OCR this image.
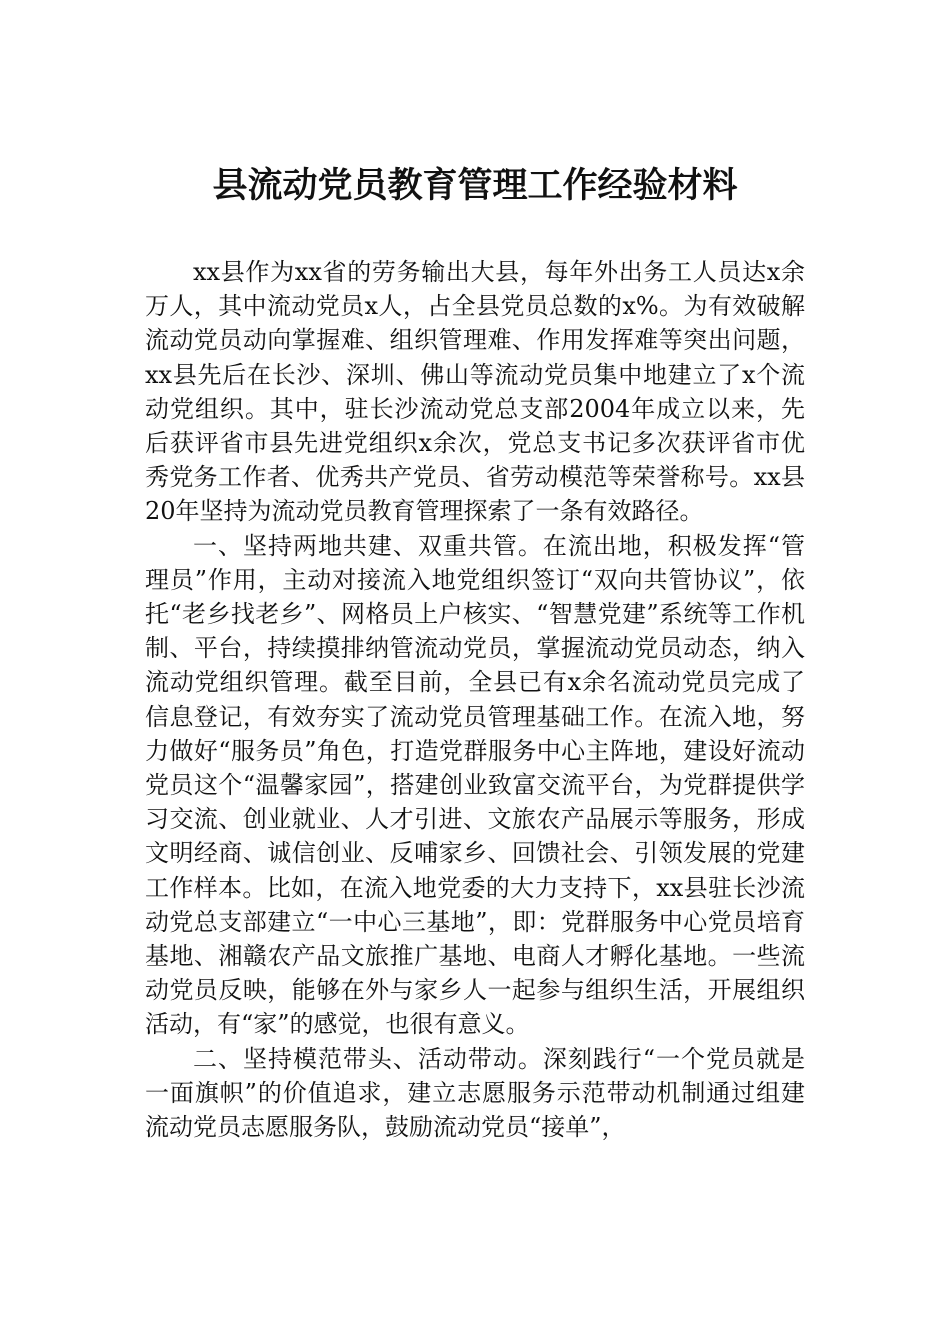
县流动党员教育管理工作经验材料

xx县作为xx省的劳务输出大县，每年外出务工人员达x余万人，其中流动党员x人，占全县党员总数的x%。为有效破解流动党员动向掌握难、组织管理难、作用发挥难等突出问题，xx县先后在长沙、深圳、佛山等流动党员集中地建立了x个流动党组织。其中，驻长沙流动党总支部2004年成立以来，先后获评省市县先进党组织x余次，党总支书记多次获评省市优秀党务工作者、优秀共产党员、省劳动模范等荣誉称号。xx县20年坚持为流动党员教育管理探索了一条有效路径。

一、坚持两地共建、双重共管。在流出地，积极发挥“管理员”作用，主动对接流入地党组织签订“双向共管协议”，依托“老乡找老乡”、网格员上户核实、“智慧党建”系统等工作机制、平台，持续摸排纳管流动党员，掌握流动党员动态，纳入流动党组织管理。截至目前，全县已有x余名流动党员完成了信息登记，有效夯实了流动党员管理基础工作。在流入地，努力做好“服务员”角色，打造党群服务中心主阵地，建设好流动党员这个“温馨家园”，搭建创业致富交流平台，为党群提供学习交流、创业就业、人才引进、文旅农产品展示等服务，形成文明经商、诚信创业、反哺家乡、回馈社会、引领发展的党建工作样本。比如，在流入地党委的大力支持下，xx县驻长沙流动党总支部建立“一中心三基地”，即：党群服务中心党员培育基地、湘赣农产品文旅推广基地、电商人才孵化基地。一些流动党员反映，能够在外与家乡人一起参与组织生活，开展组织活动，有“家”的感觉，也很有意义。

二、坚持模范带头、活动带动。深刻践行“一个党员就是一面旗帜”的价值追求，建立志愿服务示范带动机制通过组建流动党员志愿服务队，鼓励流动党员“接单”，
